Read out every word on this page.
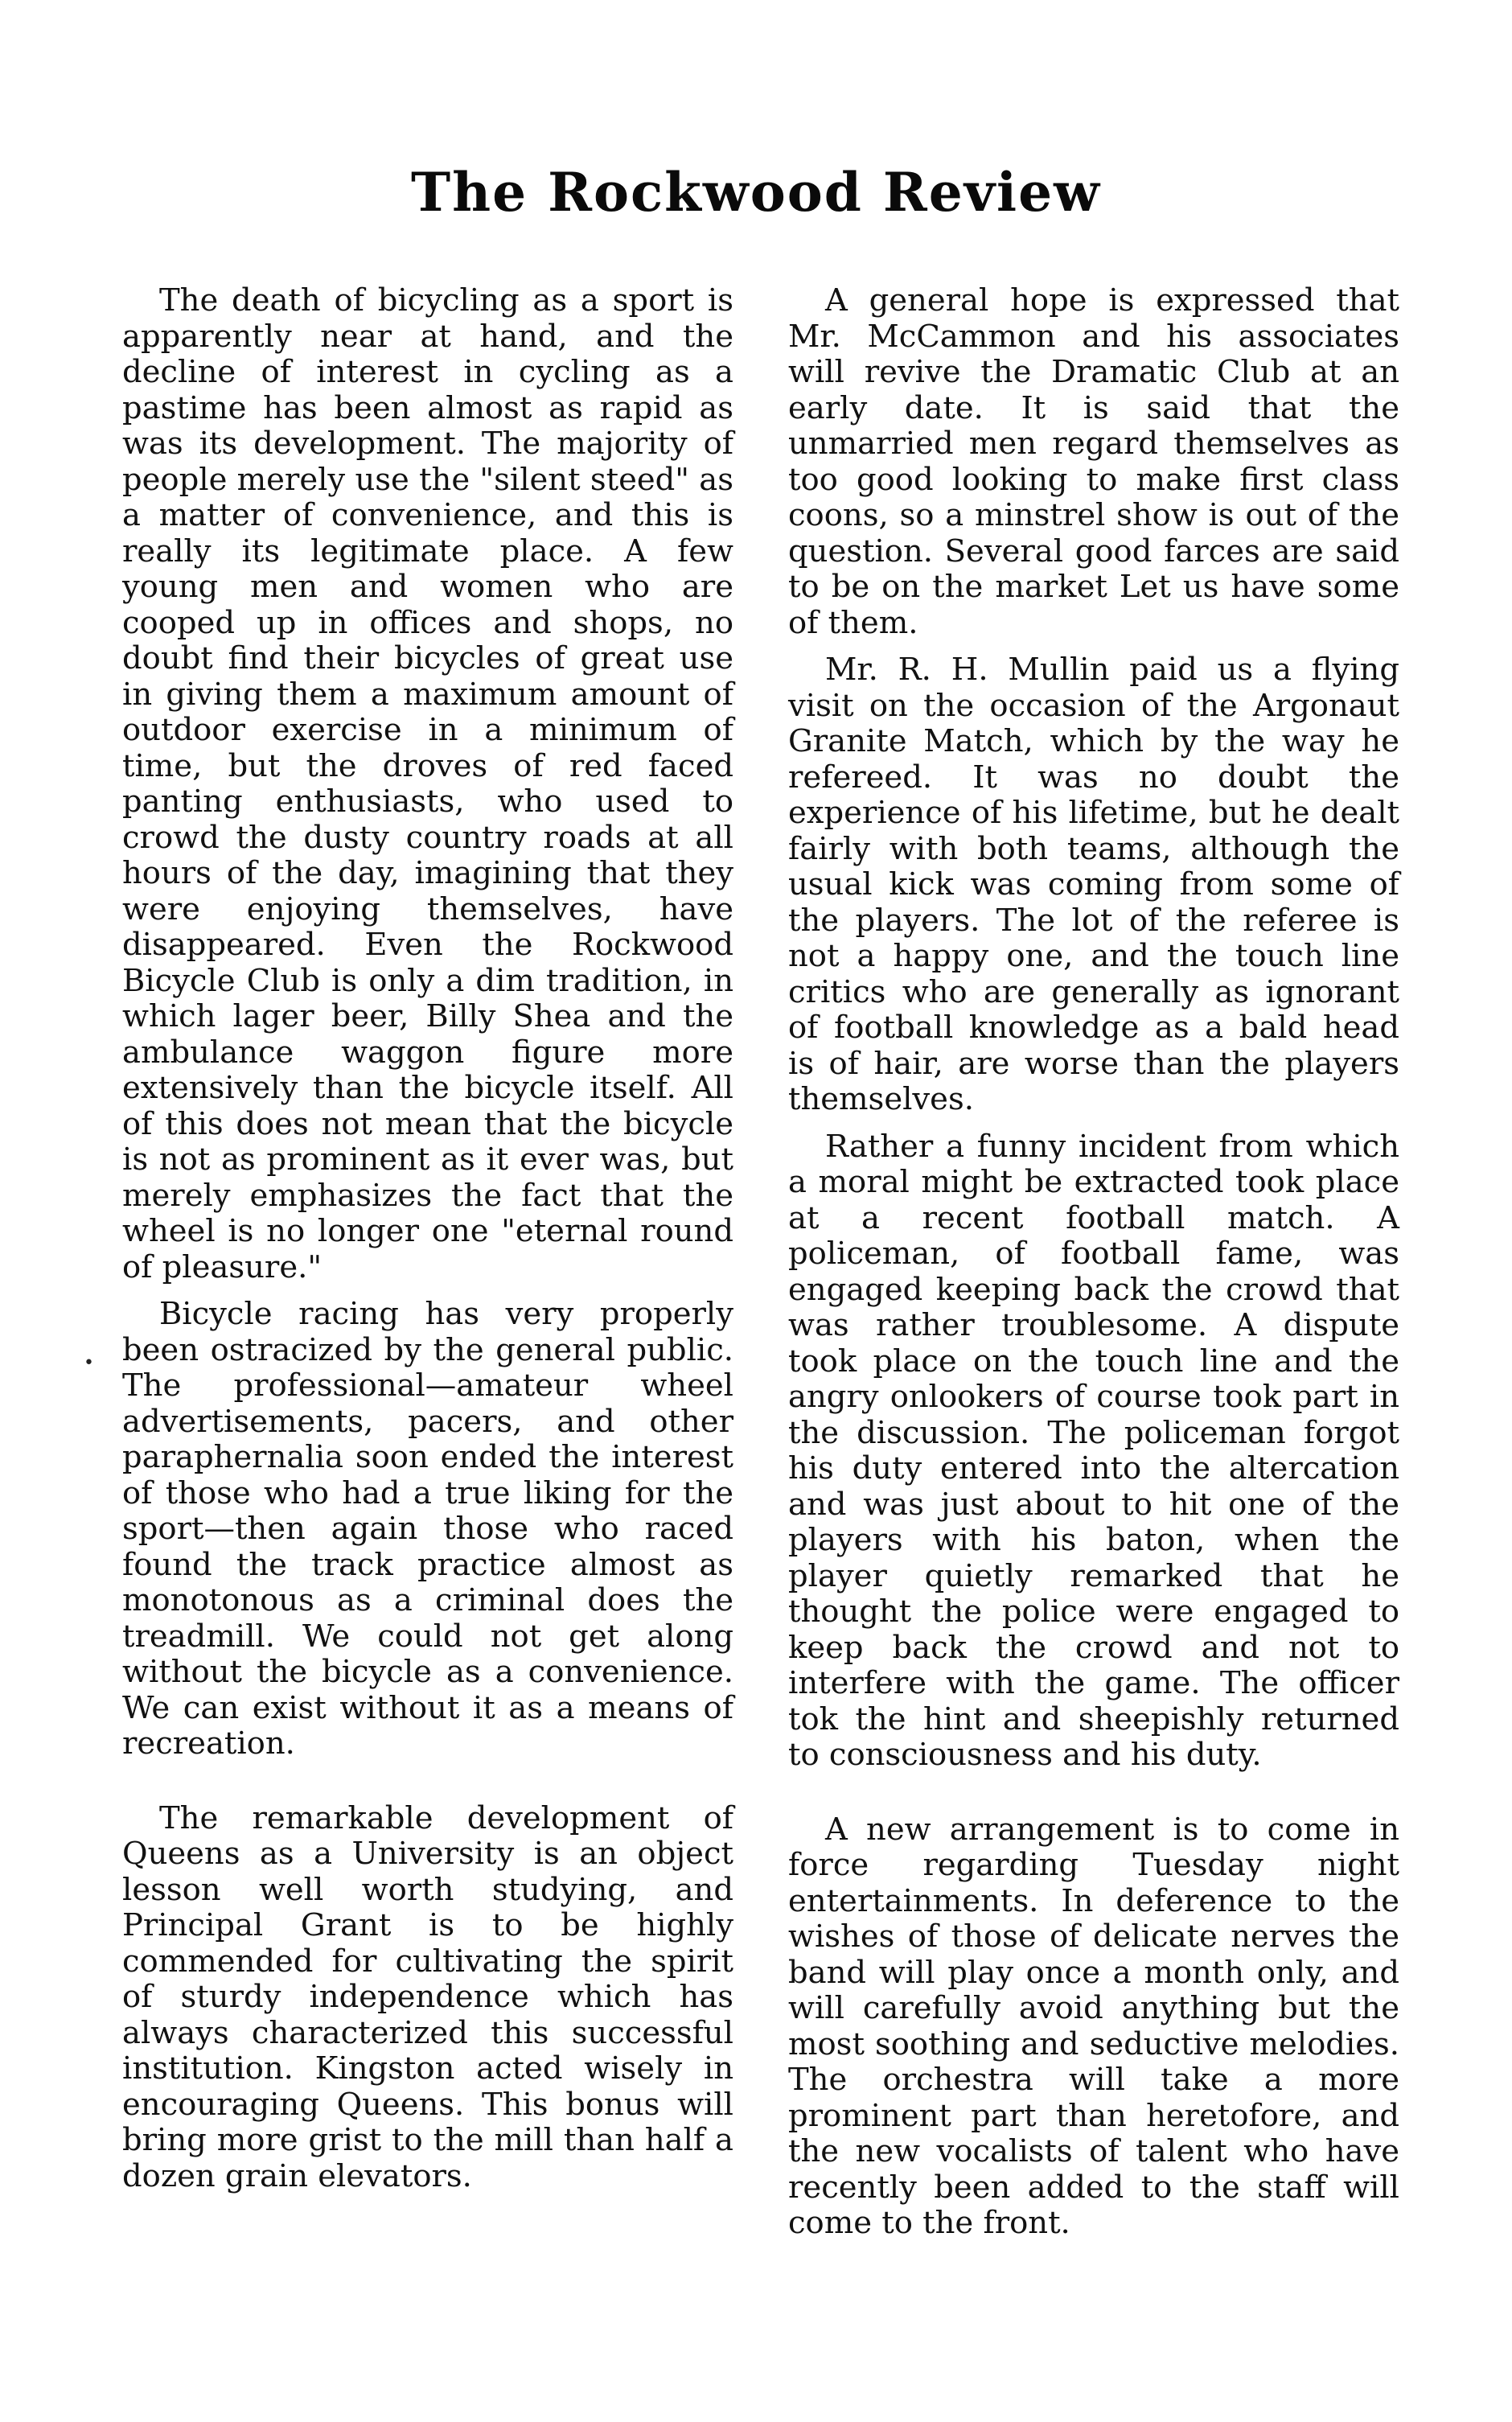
The Rockwood Review
•

The death of bicycling as a sport is apparently near at hand, and the decline of interest in cycling as a pastime has been almost as rapid as was its development. The majority of people merely use the "silent steed" as a matter of convenience, and this is really its legitimate place. A few young men and women who are cooped up in offices and shops, no doubt find their bicycles of great use in giving them a maximum amount of outdoor exercise in a minimum of time, but the droves of red faced panting enthusiasts, who used to crowd the dusty country roads at all hours of the day, imagining that they were enjoying themselves, have disappeared. Even the Rockwood Bicycle Club is only a dim tradition, in which lager beer, Billy Shea and the ambulance waggon figure more extensively than the bicycle itself. All of this does not mean that the bicycle is not as prominent as it ever was, but merely emphasizes the fact that the wheel is no longer one "eternal round of pleasure."

Bicycle racing has very properly been ostracized by the general public. The professional—amateur wheel advertisements, pacers, and other paraphernalia soon ended the interest of those who had a true liking for the sport—then again those who raced found the track practice almost as monotonous as a criminal does the treadmill. We could not get along without the bicycle as a convenience. We can exist without it as a means of recreation.

The remarkable development of Queens as a University is an object lesson well worth studying, and Principal Grant is to be highly commended for cultivating the spirit of sturdy independence which has always characterized this successful institution. Kingston acted wisely in encouraging Queens. This bonus will bring more grist to the mill than half a dozen grain elevators.

A general hope is expressed that Mr. McCammon and his associates will revive the Dramatic Club at an early date. It is said that the unmarried men regard themselves as too good looking to make first class coons, so a minstrel show is out of the question. Several good farces are said to be on the market Let us have some of them.

Mr. R. H. Mullin paid us a flying visit on the occasion of the Argonaut Granite Match, which by the way he refereed. It was no doubt the experience of his lifetime, but he dealt fairly with both teams, although the usual kick was coming from some of the players. The lot of the referee is not a happy one, and the touch line critics who are generally as ignorant of football knowledge as a bald head is of hair, are worse than the players themselves.

Rather a funny incident from which a moral might be extracted took place at a recent football match. A policeman, of football fame, was engaged keeping back the crowd that was rather troublesome. A dispute took place on the touch line and the angry onlookers of course took part in the discussion. The policeman forgot his duty entered into the altercation and was just about to hit one of the players with his baton, when the player quietly remarked that he thought the police were engaged to keep back the crowd and not to interfere with the game. The officer tok the hint and sheepishly returned to consciousness and his duty.

A new arrangement is to come in force regarding Tuesday night entertainments. In deference to the wishes of those of delicate nerves the band will play once a month only, and will carefully avoid anything but the most soothing and seductive melodies. The orchestra will take a more prominent part than heretofore, and the new vocalists of talent who have recently been added to the staff will come to the front.
